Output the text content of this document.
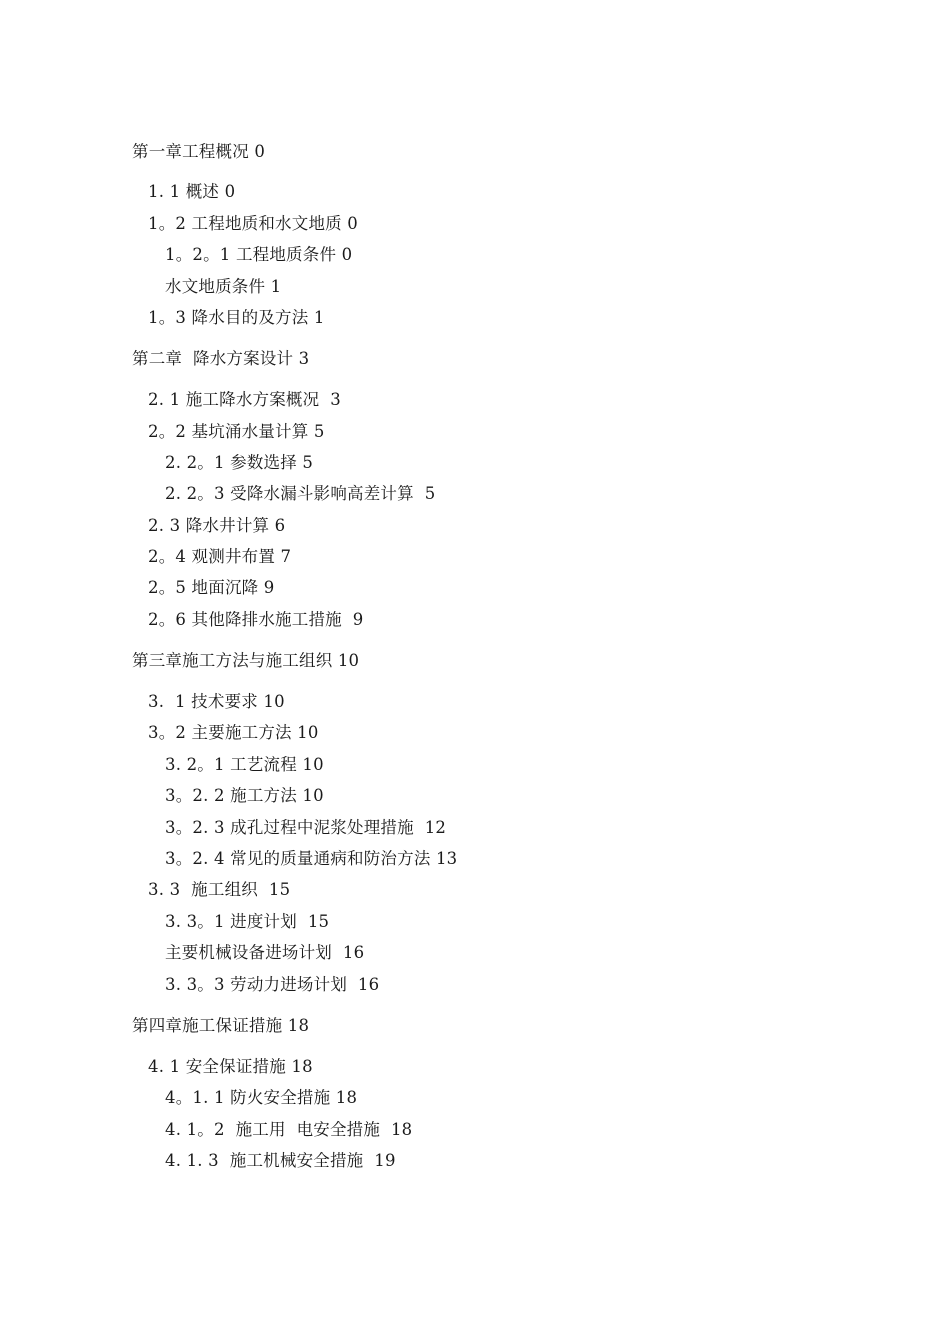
第一章工程概况 0
1. 1 概述 0
1。2 工程地质和水文地质 0
1。2。1 工程地质条件 0
水文地质条件 1
1。3 降水目的及方法 1
第二章  降水方案设计 3
2. 1 施工降水方案概况  3
2。2 基坑涌水量计算 5
2. 2。1 参数选择 5
2. 2。3 受降水漏斗影响高差计算  5
2. 3 降水井计算 6
2。4 观测井布置 7
2。5 地面沉降 9
2。6 其他降排水施工措施  9
第三章施工方法与施工组织 10
3.  1 技术要求 10
3。2 主要施工方法 10
3. 2。1 工艺流程 10
3。2. 2 施工方法 10
3。2. 3 成孔过程中泥浆处理措施  12
3。2. 4 常见的质量通病和防治方法 13
3. 3  施工组织  15
3. 3。1 进度计划  15
主要机械设备进场计划  16
3. 3。3 劳动力进场计划  16
第四章施工保证措施 18
4. 1 安全保证措施 18
4。1. 1 防火安全措施 18
4. 1。2  施工用  电安全措施  18
4. 1. 3  施工机械安全措施  19
